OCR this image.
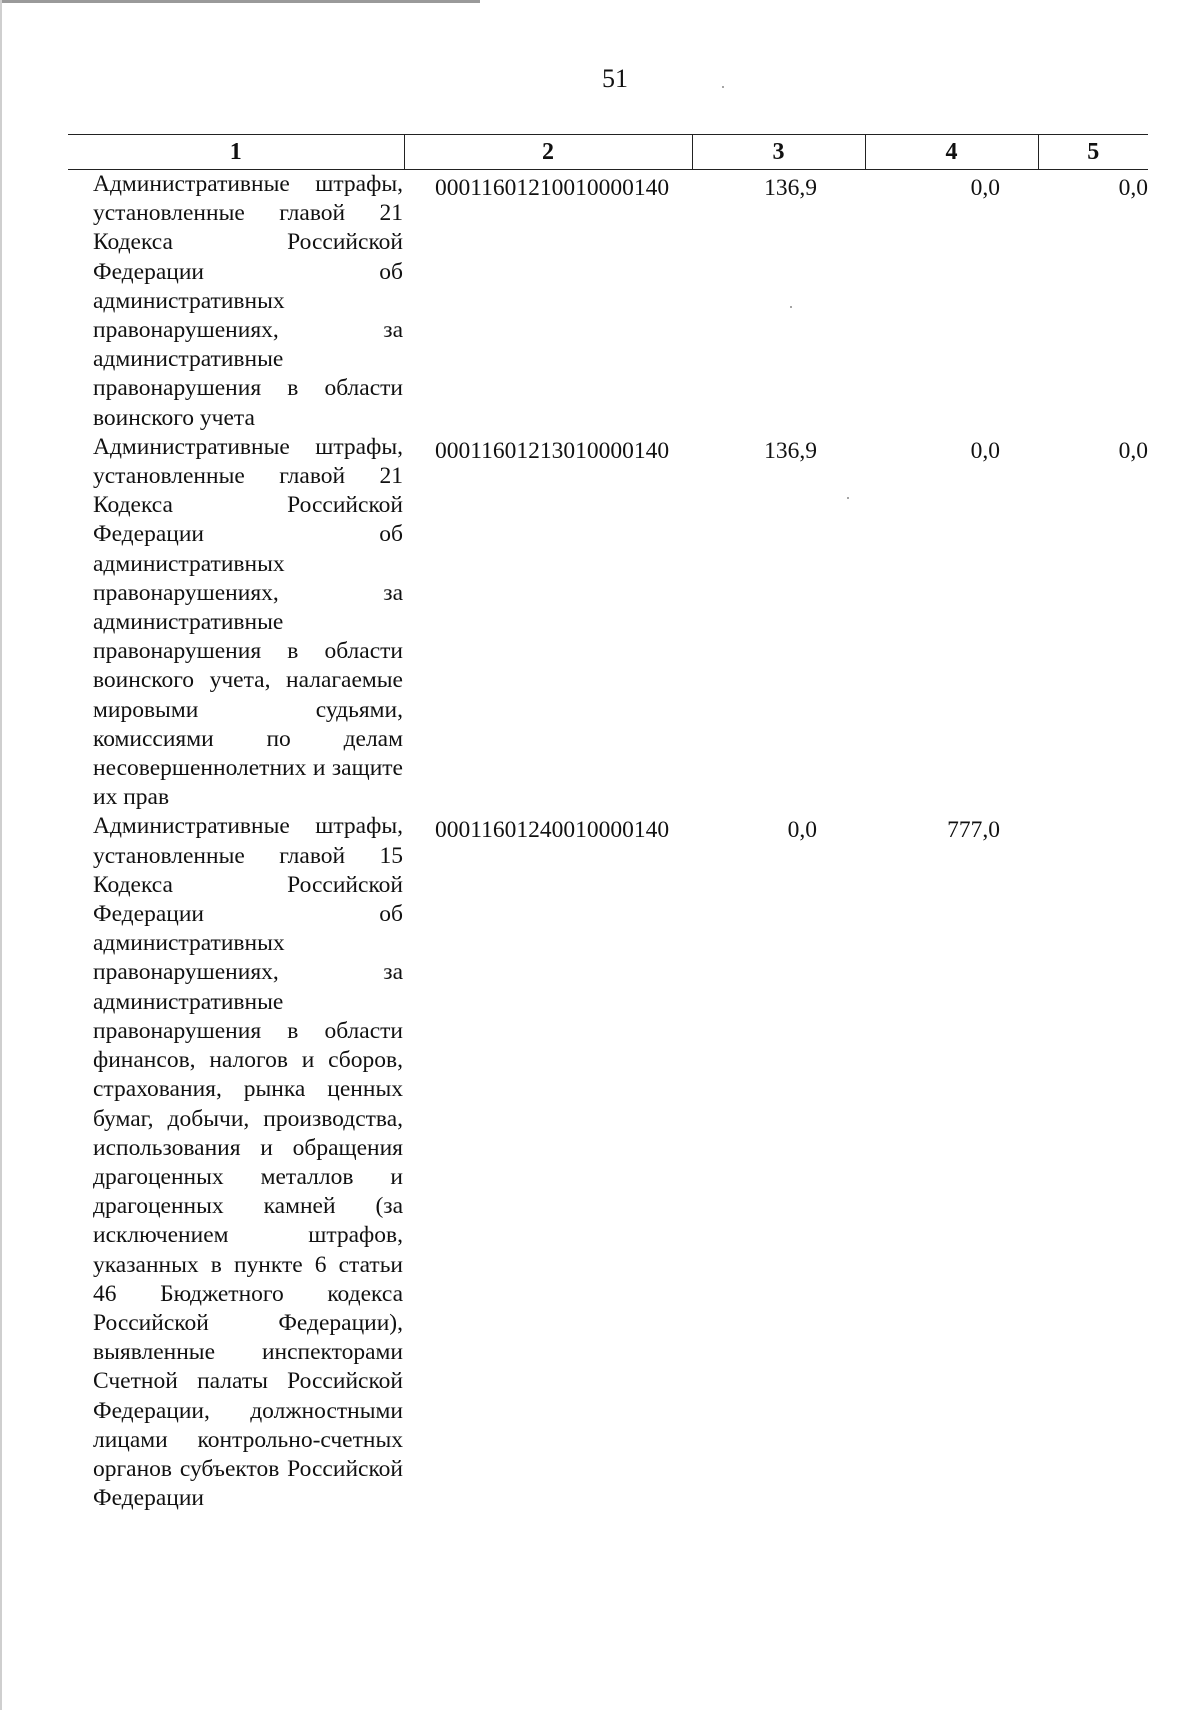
51
1	2	3	4	5
Административные штрафы, установленные главой 21 Кодекса Российской Федерации об административных правонарушениях, за административные правонарушения в области воинского учета	00011601210010000140	136,9	0,0	0,0
Административные штрафы, установленные главой 21 Кодекса Российской Федерации об административных правонарушениях, за административные правонарушения в области воинского учета, налагаемые мировыми судьями, комиссиями по делам несовершеннолетних и защите их прав	00011601213010000140	136,9	0,0	0,0
Административные штрафы, установленные главой 15 Кодекса Российской Федерации об административных правонарушениях, за административные правонарушения в области финансов, налогов и сборов, страхования, рынка ценных бумаг, добычи, производства, использования и обращения драгоценных металлов и драгоценных камней (за исключением штрафов, указанных в пункте 6 статьи 46 Бюджетного кодекса Российской Федерации), выявленные инспекторами Счетной палаты Российской Федерации, должностными лицами контрольно-счетных органов субъектов Российской Федерации	00011601240010000140	0,0	777,0	
